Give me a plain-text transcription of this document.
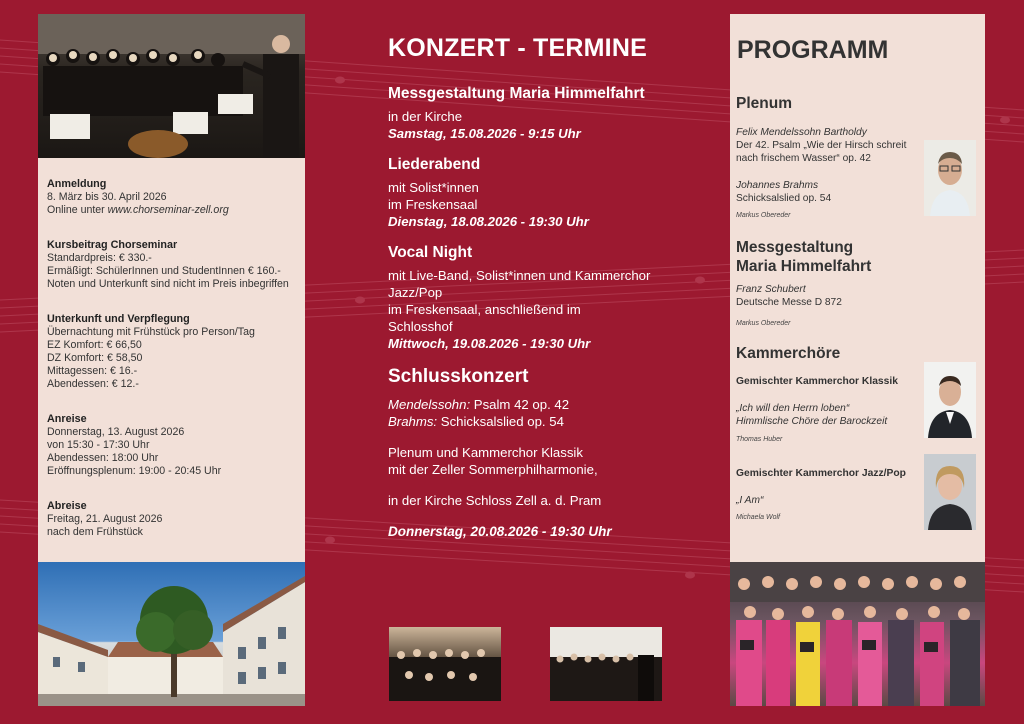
Anmeldung
8. März bis 30. April 2026
Online unter www.chorseminar-zell.org
Kursbeitrag Chorseminar
Standardpreis: € 330.-
Ermäßigt: SchülerInnen und StudentInnen € 160.-
Noten und Unterkunft sind nicht im Preis inbegriffen
Unterkunft und Verpflegung
Übernachtung mit Frühstück pro Person/Tag
EZ Komfort: € 66,50
DZ Komfort: € 58,50
Mittagessen: € 16.-
Abendessen: € 12.-
Anreise
Donnerstag, 13. August 2026
von 15:30 - 17:30 Uhr
Abendessen: 18:00 Uhr
Eröffnungsplenum: 19:00 - 20:45 Uhr
Abreise
Freitag, 21. August 2026
nach dem Frühstück
KONZERT - TERMINE
Messgestaltung Maria Himmelfahrt
in der Kirche
Samstag, 15.08.2026 - 9:15 Uhr
Liederabend
mit Solist*innen
im Freskensaal
Dienstag, 18.08.2026 - 19:30 Uhr
Vocal Night
mit Live-Band, Solist*innen und Kammerchor
Jazz/Pop
im Freskensaal, anschließend im
Schlosshof
Mittwoch, 19.08.2026 - 19:30 Uhr
Schlusskonzert
Mendelssohn: Psalm 42 op. 42
Brahms: Schicksalslied op. 54
Plenum und Kammerchor Klassik
mit der Zeller Sommerphilharmonie,
in der Kirche Schloss Zell a. d. Pram
Donnerstag, 20.08.2026 - 19:30 Uhr
PROGRAMM
Plenum
Felix Mendelssohn Bartholdy
Der 42. Psalm „Wie der Hirsch schreit
nach frischem Wasser“ op. 42
Johannes Brahms
Schicksalslied op. 54
Markus Obereder
Messgestaltung
Maria Himmelfahrt
Franz Schubert
Deutsche Messe D 872
Markus Obereder
Kammerchöre
Gemischter Kammerchor Klassik
„Ich will den Herrn loben“
Himmlische Chöre der Barockzeit
Thomas Huber
Gemischter Kammerchor Jazz/Pop
„I Am“
Michaela Wolf
